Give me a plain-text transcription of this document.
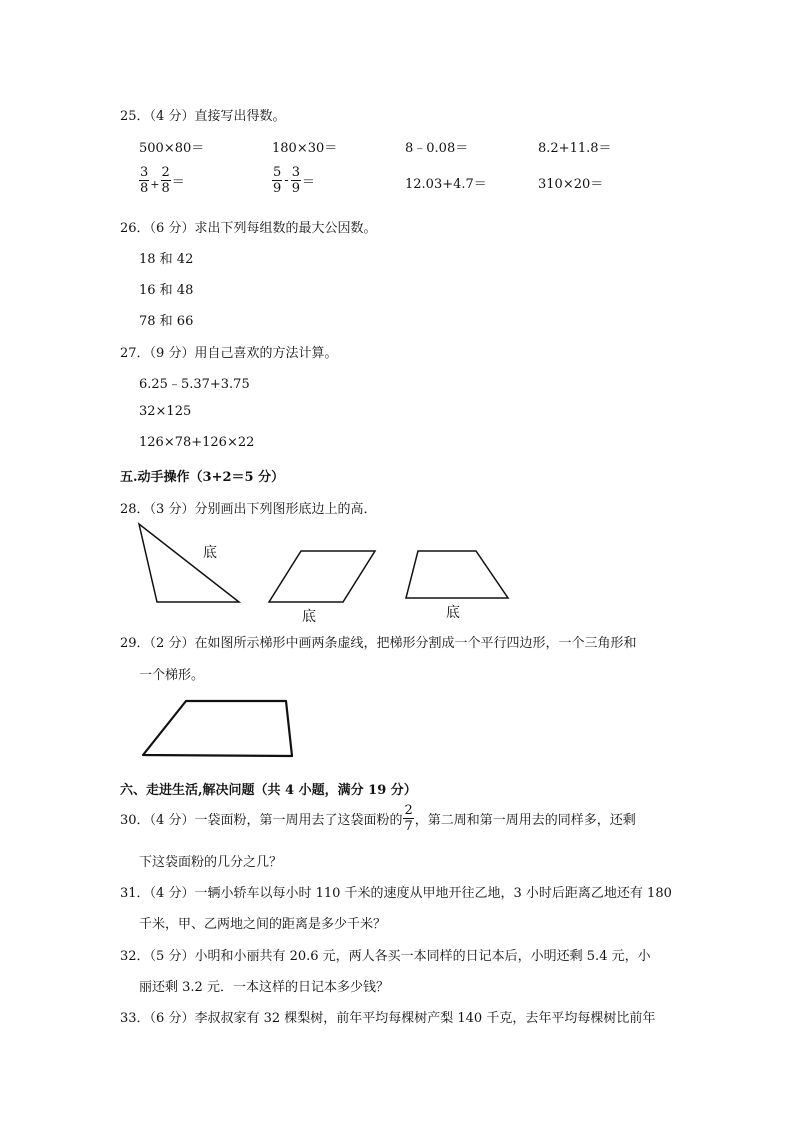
25．（4 分）直接写出得数。
500×80＝	180×30＝	8﹣0.08＝	8.2+11.8＝
$\frac{3}{8} + \frac{2}{8}$ ＝	$\frac{5}{9} - \frac{3}{9}$ ＝	12.03+4.7＝	310×20＝
26．（6 分）求出下列每组数的最大公因数。
18 和 42
16 和 48
78 和 66
27．（9 分）用自己喜欢的方法计算。
6.25﹣5.37+3.75
32×125
126×78+126×22
五.动手操作（3+2＝5 分）
28．（3 分）分别画出下列图形底边上的高．
底
底	底
29．（2 分）在如图所示梯形中画两条虚线，把梯形分割成一个平行四边形，一个三角形和
一个梯形。
六、走进生活,解决问题（共 4 小题，满分 19 分）
30．（4 分）一袋面粉，第一周用去了这袋面粉的 $\frac{2}{7}$ ，第二周和第一周用去的同样多，还剩
下这袋面粉的几分之几？
31．（4 分）一辆小轿车以每小时 110 千米的速度从甲地开往乙地，3 小时后距离乙地还有 180
千米，甲、乙两地之间的距离是多少千米？
32．（5 分）小明和小丽共有 20.6 元，两人各买一本同样的日记本后，小明还剩 5.4 元，小
丽还剩 3.2 元．一本这样的日记本多少钱？
33．（6 分）李叔叔家有 32 棵梨树，前年平均每棵树产梨 140 千克，去年平均每棵树比前年
